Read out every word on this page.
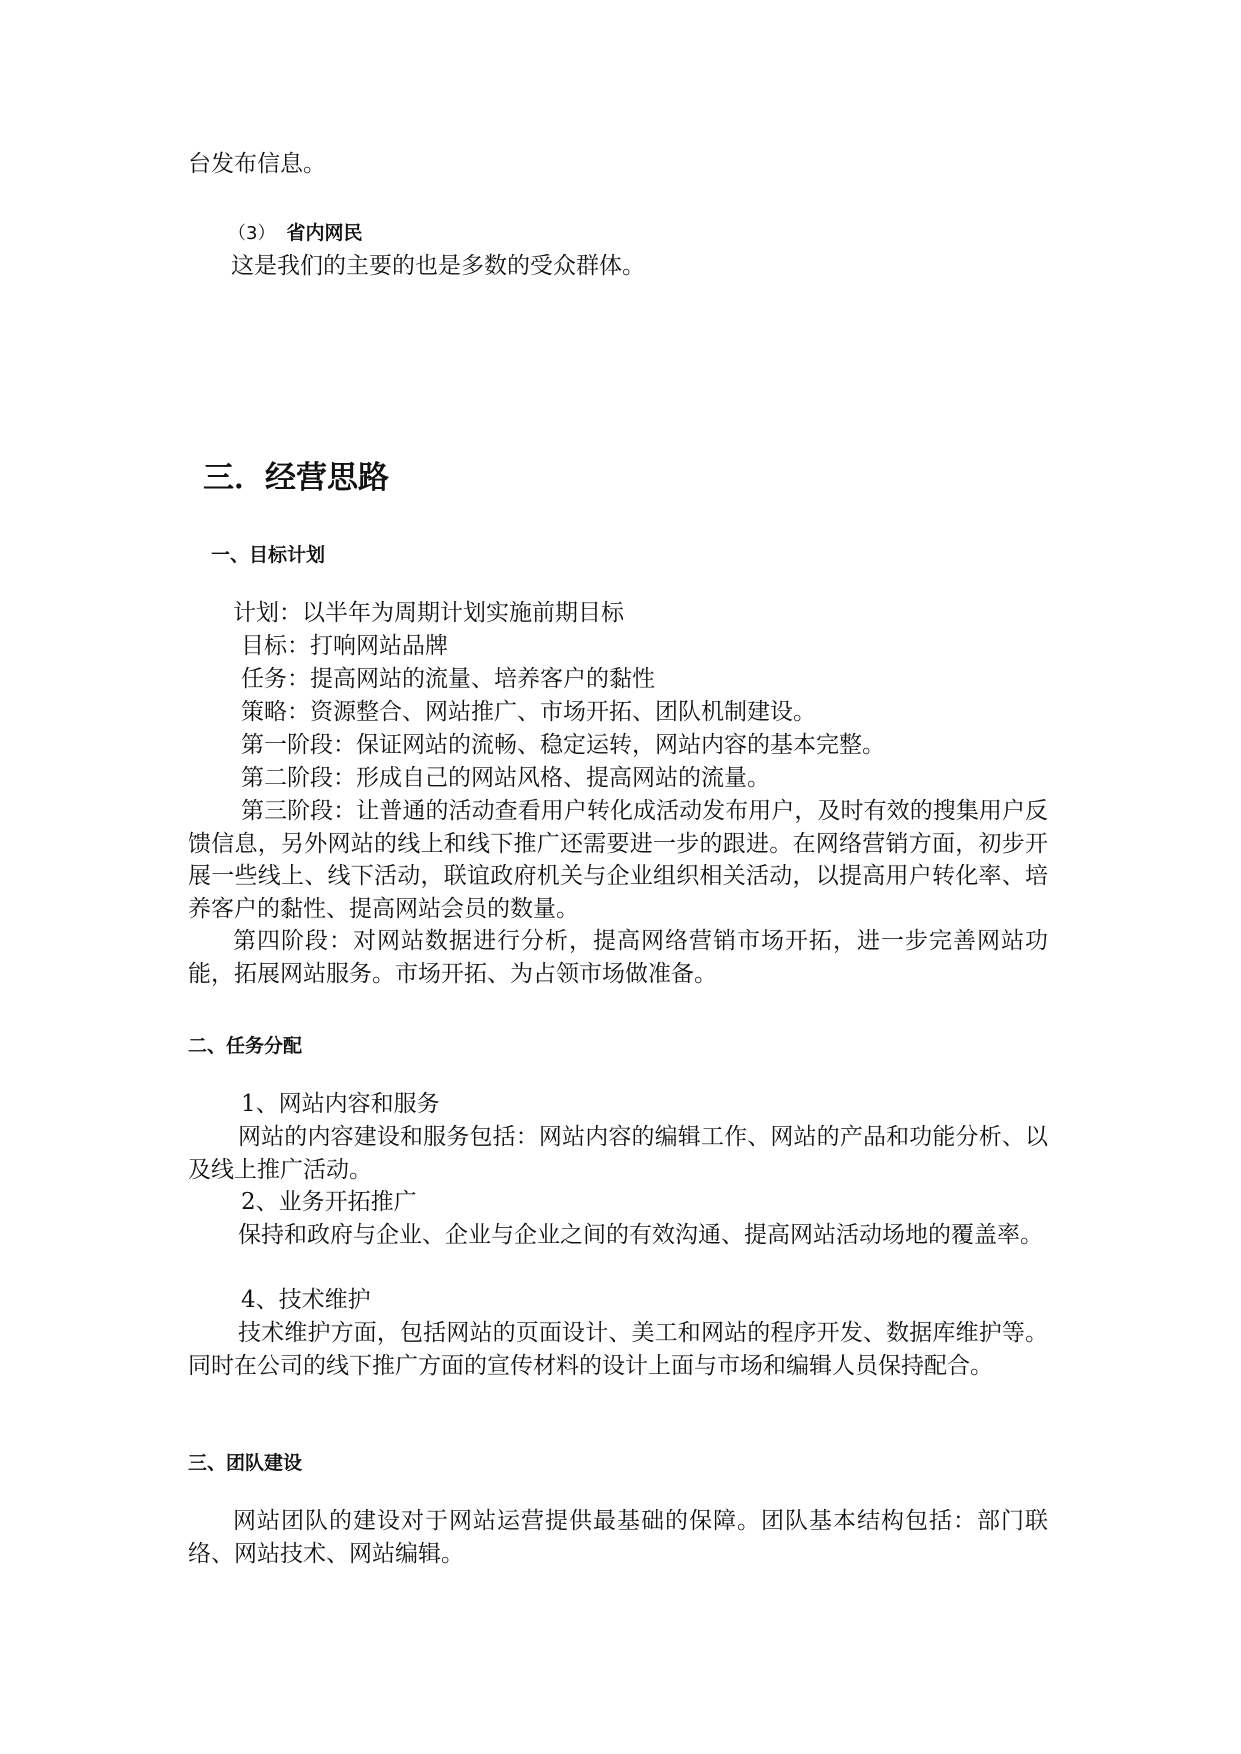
台发布信息。

（3） 省内网民

这是我们的主要的也是多数的受众群体。

三．经营思路
一、目标计划

计划：以半年为周期计划实施前期目标

目标：打响网站品牌

任务：提高网站的流量、培养客户的黏性

策略：资源整合、网站推广、市场开拓、团队机制建设。

第一阶段：保证网站的流畅、稳定运转，网站内容的基本完整。

第二阶段：形成自己的网站风格、提高网站的流量。

第三阶段：让普通的活动查看用户转化成活动发布用户，及时有效的搜集用户反馈信息，另外网站的线上和线下推广还需要进一步的跟进。在网络营销方面，初步开展一些线上、线下活动，联谊政府机关与企业组织相关活动，以提高用户转化率、培养客户的黏性、提高网站会员的数量。

第四阶段：对网站数据进行分析，提高网络营销市场开拓，进一步完善网站功能，拓展网站服务。市场开拓、为占领市场做准备。

二、任务分配

1、网站内容和服务

网站的内容建设和服务包括：网站内容的编辑工作、网站的产品和功能分析、以及线上推广活动。

2、业务开拓推广

保持和政府与企业、企业与企业之间的有效沟通、提高网站活动场地的覆盖率。

4、技术维护

技术维护方面，包括网站的页面设计、美工和网站的程序开发、数据库维护等。同时在公司的线下推广方面的宣传材料的设计上面与市场和编辑人员保持配合。

三、团队建设

网站团队的建设对于网站运营提供最基础的保障。团队基本结构包括：部门联络、网站技术、网站编辑。
